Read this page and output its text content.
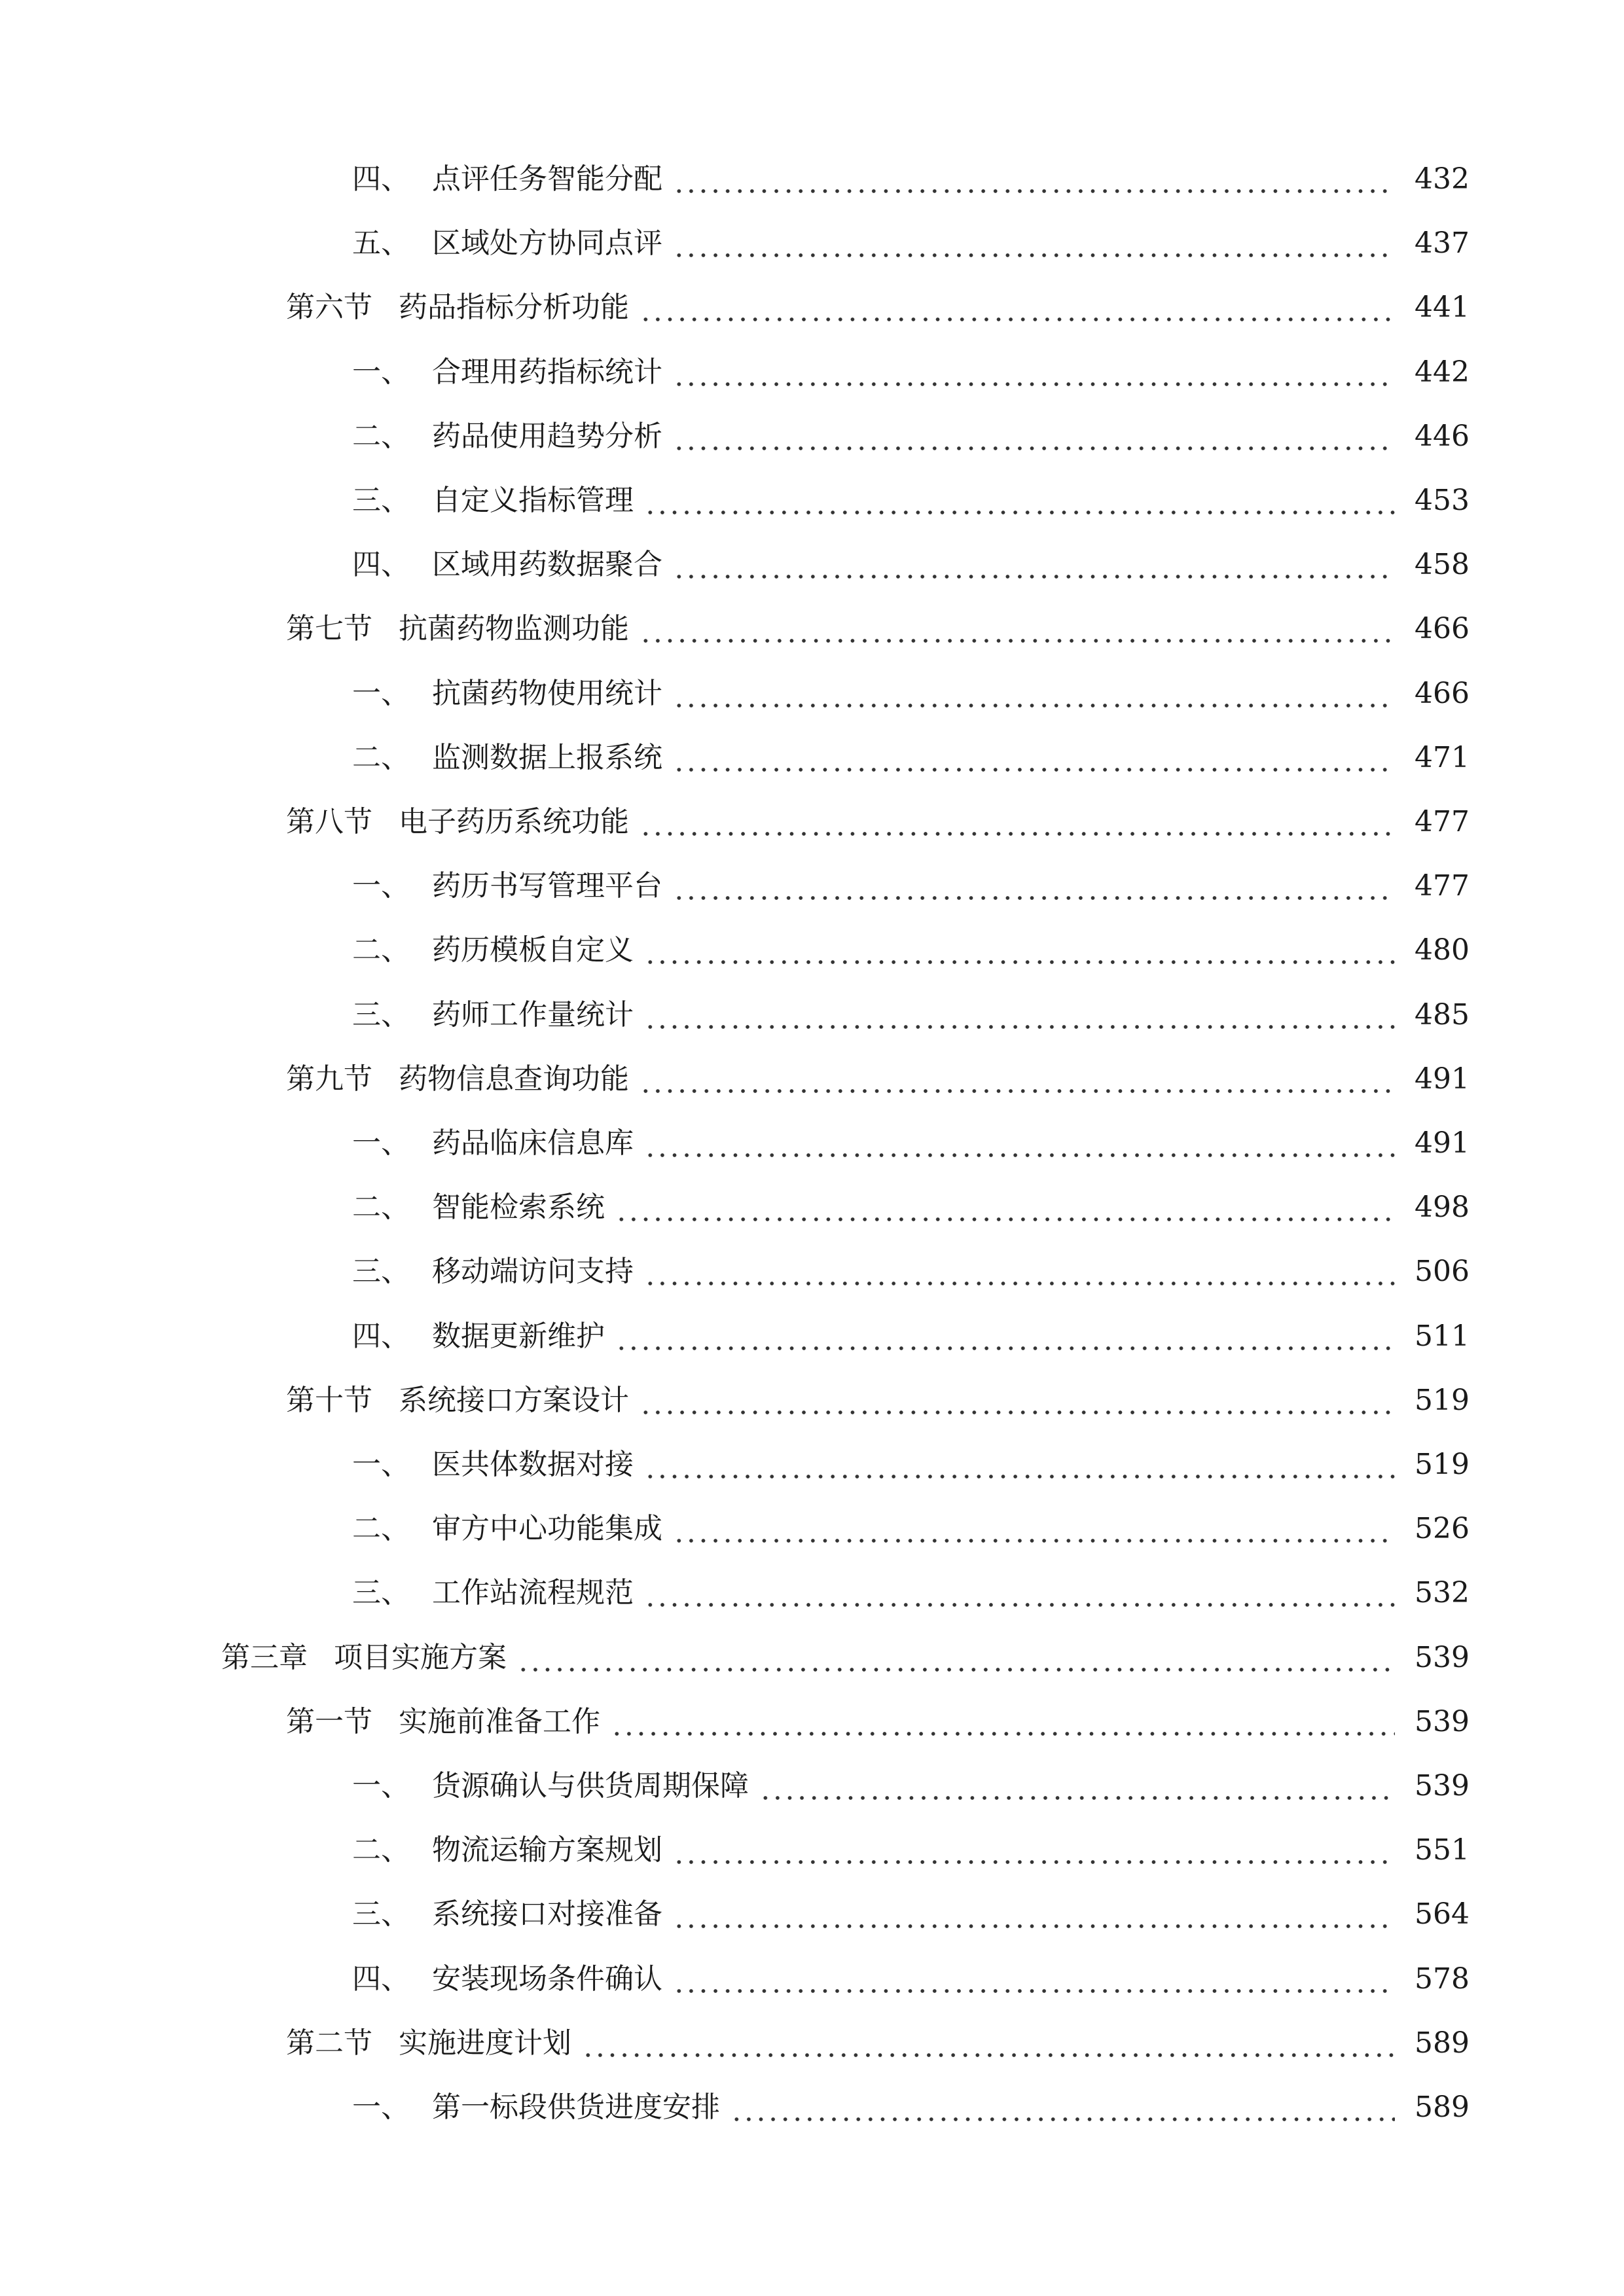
四、 点评任务智能分配	432
五、 区域处方协同点评	437
第六节 药品指标分析功能	441
一、 合理用药指标统计	442
二、 药品使用趋势分析	446
三、 自定义指标管理	453
四、 区域用药数据聚合	458
第七节 抗菌药物监测功能	466
一、 抗菌药物使用统计	466
二、 监测数据上报系统	471
第八节 电子药历系统功能	477
一、 药历书写管理平台	477
二、 药历模板自定义	480
三、 药师工作量统计	485
第九节 药物信息查询功能	491
一、 药品临床信息库	491
二、 智能检索系统	498
三、 移动端访问支持	506
四、 数据更新维护	511
第十节 系统接口方案设计	519
一、 医共体数据对接	519
二、 审方中心功能集成	526
三、 工作站流程规范	532
第三章 项目实施方案	539
第一节 实施前准备工作	539
一、 货源确认与供货周期保障	539
二、 物流运输方案规划	551
三、 系统接口对接准备	564
四、 安装现场条件确认	578
第二节 实施进度计划	589
一、 第一标段供货进度安排	589
